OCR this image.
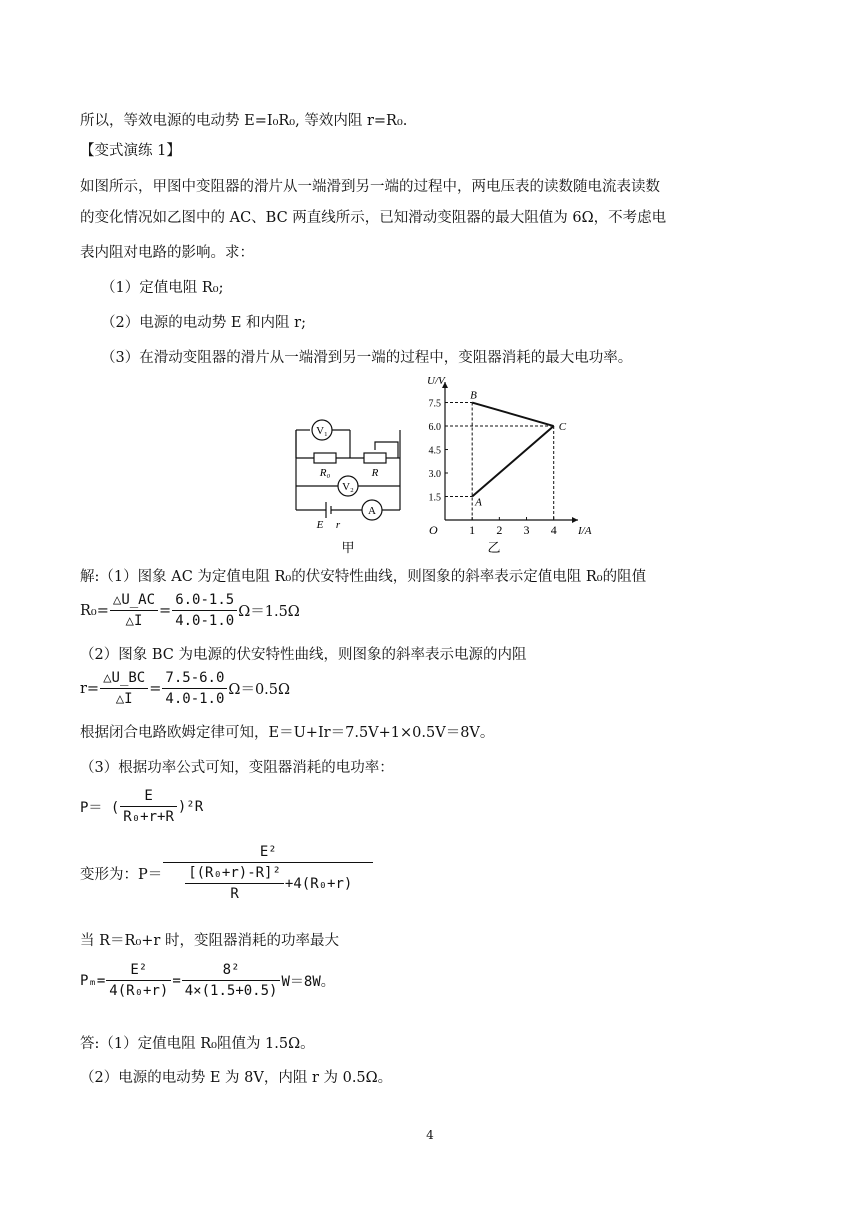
所以，等效电源的电动势 E=I₀R₀, 等效内阻 r=R₀.
【变式演练 1】
如图所示，甲图中变阻器的滑片从一端滑到另一端的过程中，两电压表的读数随电流表读数
的变化情况如乙图中的 AC、BC 两直线所示，已知滑动变阻器的最大阻值为 6Ω，不考虑电
表内阻对电路的影响。求：
（1）定值电阻 R₀;
（2）电源的电动势 E 和内阻 r;
（3）在滑动变阻器的滑片从一端滑到另一端的过程中，变阻器消耗的最大电功率。
V₁
V₂
A
R₀	R
E r
甲
O	I/A
U/V
1 2 3 4
1.5
3.0
4.5
6.0
7.5
A
B
C
乙
解:（1）图象 AC 为定值电阻 R₀的伏安特性曲线，则图象的斜率表示定值电阻 R₀的阻值
$R_0= \frac{\triangle U\_AC}{\triangle I} = \frac{6.0-1.5}{4.0-1.0} \Omega=1.5\Omega$
（2）图象 BC 为电源的伏安特性曲线，则图象的斜率表示电源的内阻
$r= \frac{\triangle U\_BC}{\triangle I} = \frac{7.5-6.0}{4.0-1.0} \Omega=0.5\Omega$
根据闭合电路欧姆定律可知，E＝U+Ir＝7.5V+1×0.5V＝8V。
（3）根据功率公式可知，变阻器消耗的电功率：
P＝ ( $\frac{E}{\text{R₀+r+R}} )^2R$
变形为：$P= \frac{\text{E²}}{\frac{\text{[(R₀+r)-R]²}}{R} +4(R_0+r)}$
当 R＝R₀+r 时，变阻器消耗的功率最大
$P_m= \frac{\text{E²}}{\text{4(R₀+r)}} = \frac{\text{8²}}{4\times(1.5+0.5)} W=8W$。
答:（1）定值电阻 R₀阻值为 1.5Ω。
（2）电源的电动势 E 为 8V，内阻 r 为 0.5Ω。
4
